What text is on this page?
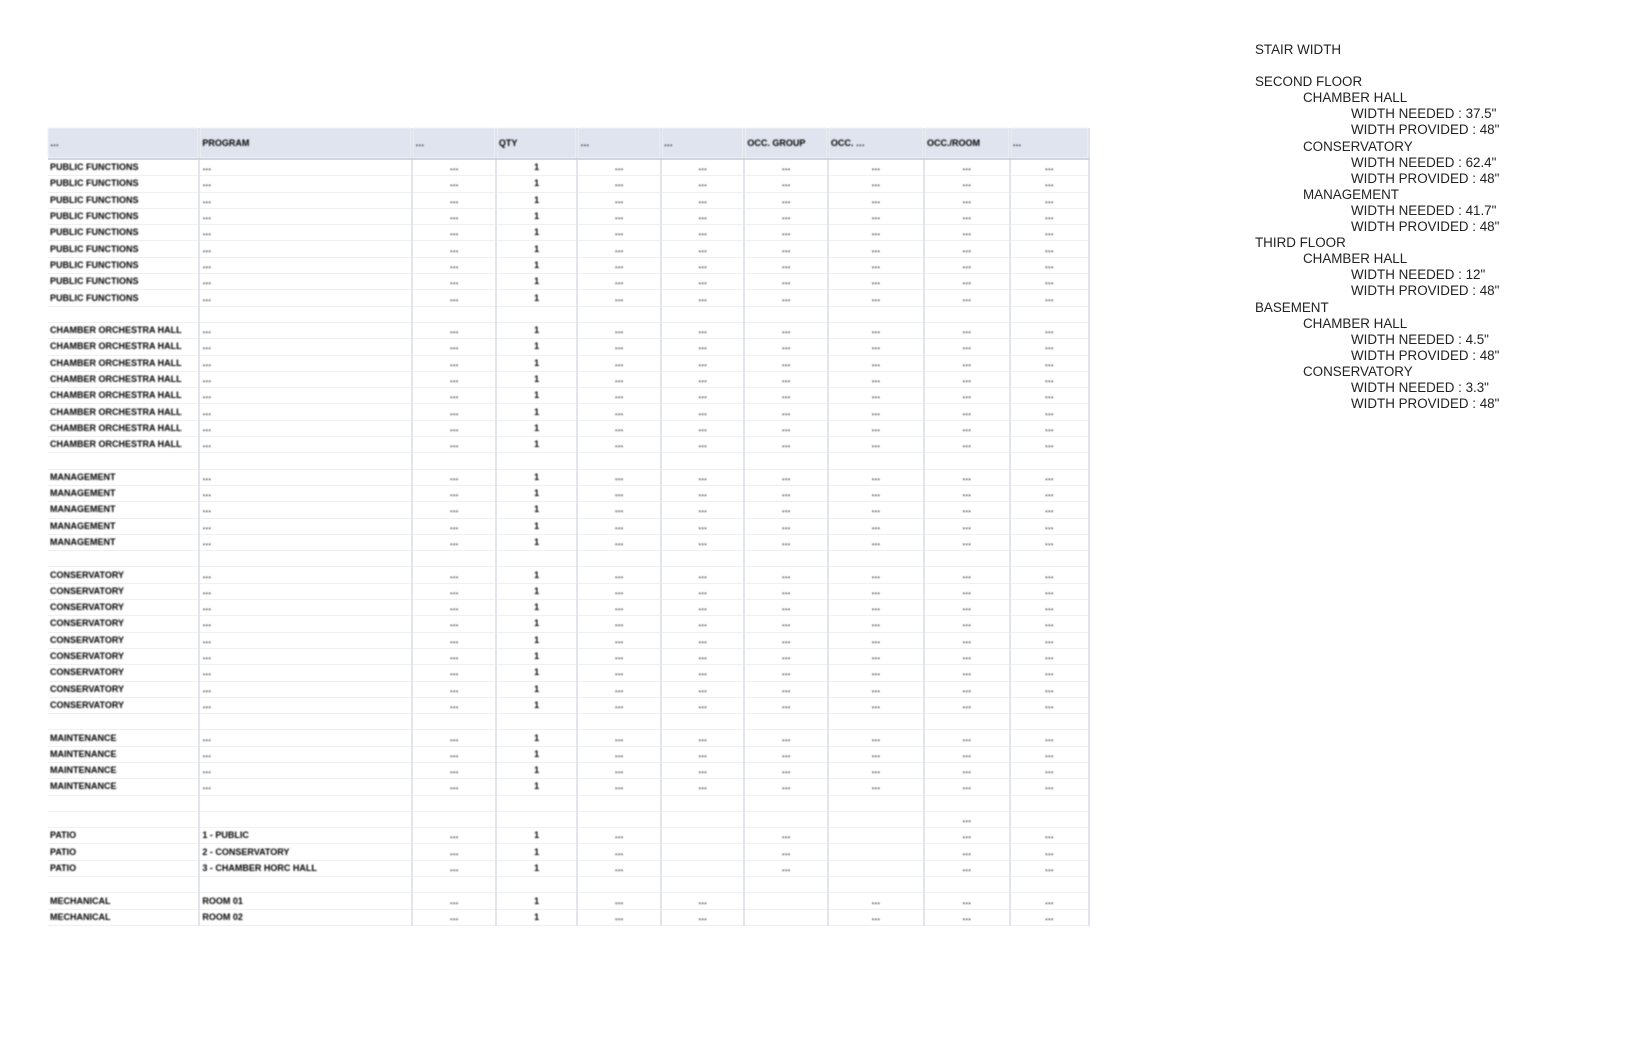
…	PROGRAM	…	QTY	…	…	OCC. GROUP	OCC. …	OCC./ROOM	…
PUBLIC FUNCTIONS	…	…	1	…	…	…	…	…	…
PUBLIC FUNCTIONS	…	…	1	…	…	…	…	…	…
PUBLIC FUNCTIONS	…	…	1	…	…	…	…	…	…
PUBLIC FUNCTIONS	…	…	1	…	…	…	…	…	…
PUBLIC FUNCTIONS	…	…	1	…	…	…	…	…	…
PUBLIC FUNCTIONS	…	…	1	…	…	…	…	…	…
PUBLIC FUNCTIONS	…	…	1	…	…	…	…	…	…
PUBLIC FUNCTIONS	…	…	1	…	…	…	…	…	…
PUBLIC FUNCTIONS	…	…	1	…	…	…	…	…	…

CHAMBER ORCHESTRA HALL	…	…	1	…	…	…	…	…	…
CHAMBER ORCHESTRA HALL	…	…	1	…	…	…	…	…	…
CHAMBER ORCHESTRA HALL	…	…	1	…	…	…	…	…	…
CHAMBER ORCHESTRA HALL	…	…	1	…	…	…	…	…	…
CHAMBER ORCHESTRA HALL	…	…	1	…	…	…	…	…	…
CHAMBER ORCHESTRA HALL	…	…	1	…	…	…	…	…	…
CHAMBER ORCHESTRA HALL	…	…	1	…	…	…	…	…	…
CHAMBER ORCHESTRA HALL	…	…	1	…	…	…	…	…	…

MANAGEMENT	…	…	1	…	…	…	…	…	…
MANAGEMENT	…	…	1	…	…	…	…	…	…
MANAGEMENT	…	…	1	…	…	…	…	…	…
MANAGEMENT	…	…	1	…	…	…	…	…	…
MANAGEMENT	…	…	1	…	…	…	…	…	…

CONSERVATORY	…	…	1	…	…	…	…	…	…
CONSERVATORY	…	…	1	…	…	…	…	…	…
CONSERVATORY	…	…	1	…	…	…	…	…	…
CONSERVATORY	…	…	1	…	…	…	…	…	…
CONSERVATORY	…	…	1	…	…	…	…	…	…
CONSERVATORY	…	…	1	…	…	…	…	…	…
CONSERVATORY	…	…	1	…	…	…	…	…	…
CONSERVATORY	…	…	1	…	…	…	…	…	…
CONSERVATORY	…	…	1	…	…	…	…	…	…

MAINTENANCE	…	…	1	…	…	…	…	…	…
MAINTENANCE	…	…	1	…	…	…	…	…	…
MAINTENANCE	…	…	1	…	…	…	…	…	…
MAINTENANCE	…	…	1	…	…	…	…	…	…

								…	
PATIO	1 - PUBLIC	…	1	…		…		…	…
PATIO	2 - CONSERVATORY	…	1	…		…		…	…
PATIO	3 - CHAMBER HORC HALL	…	1	…		…		…	…

MECHANICAL	ROOM 01	…	1	…	…		…	…	…
MECHANICAL	ROOM 02	…	1	…	…		…	…	…
STAIR WIDTH
SECOND FLOOR
CHAMBER HALL
WIDTH NEEDED : 37.5"
WIDTH PROVIDED : 48"
CONSERVATORY
WIDTH NEEDED : 62.4"
WIDTH PROVIDED : 48"
MANAGEMENT
WIDTH NEEDED : 41.7"
WIDTH PROVIDED : 48"
THIRD FLOOR
CHAMBER HALL
WIDTH NEEDED : 12"
WIDTH PROVIDED : 48"
BASEMENT
CHAMBER HALL
WIDTH NEEDED : 4.5"
WIDTH PROVIDED : 48"
CONSERVATORY
WIDTH NEEDED : 3.3"
WIDTH PROVIDED : 48"
